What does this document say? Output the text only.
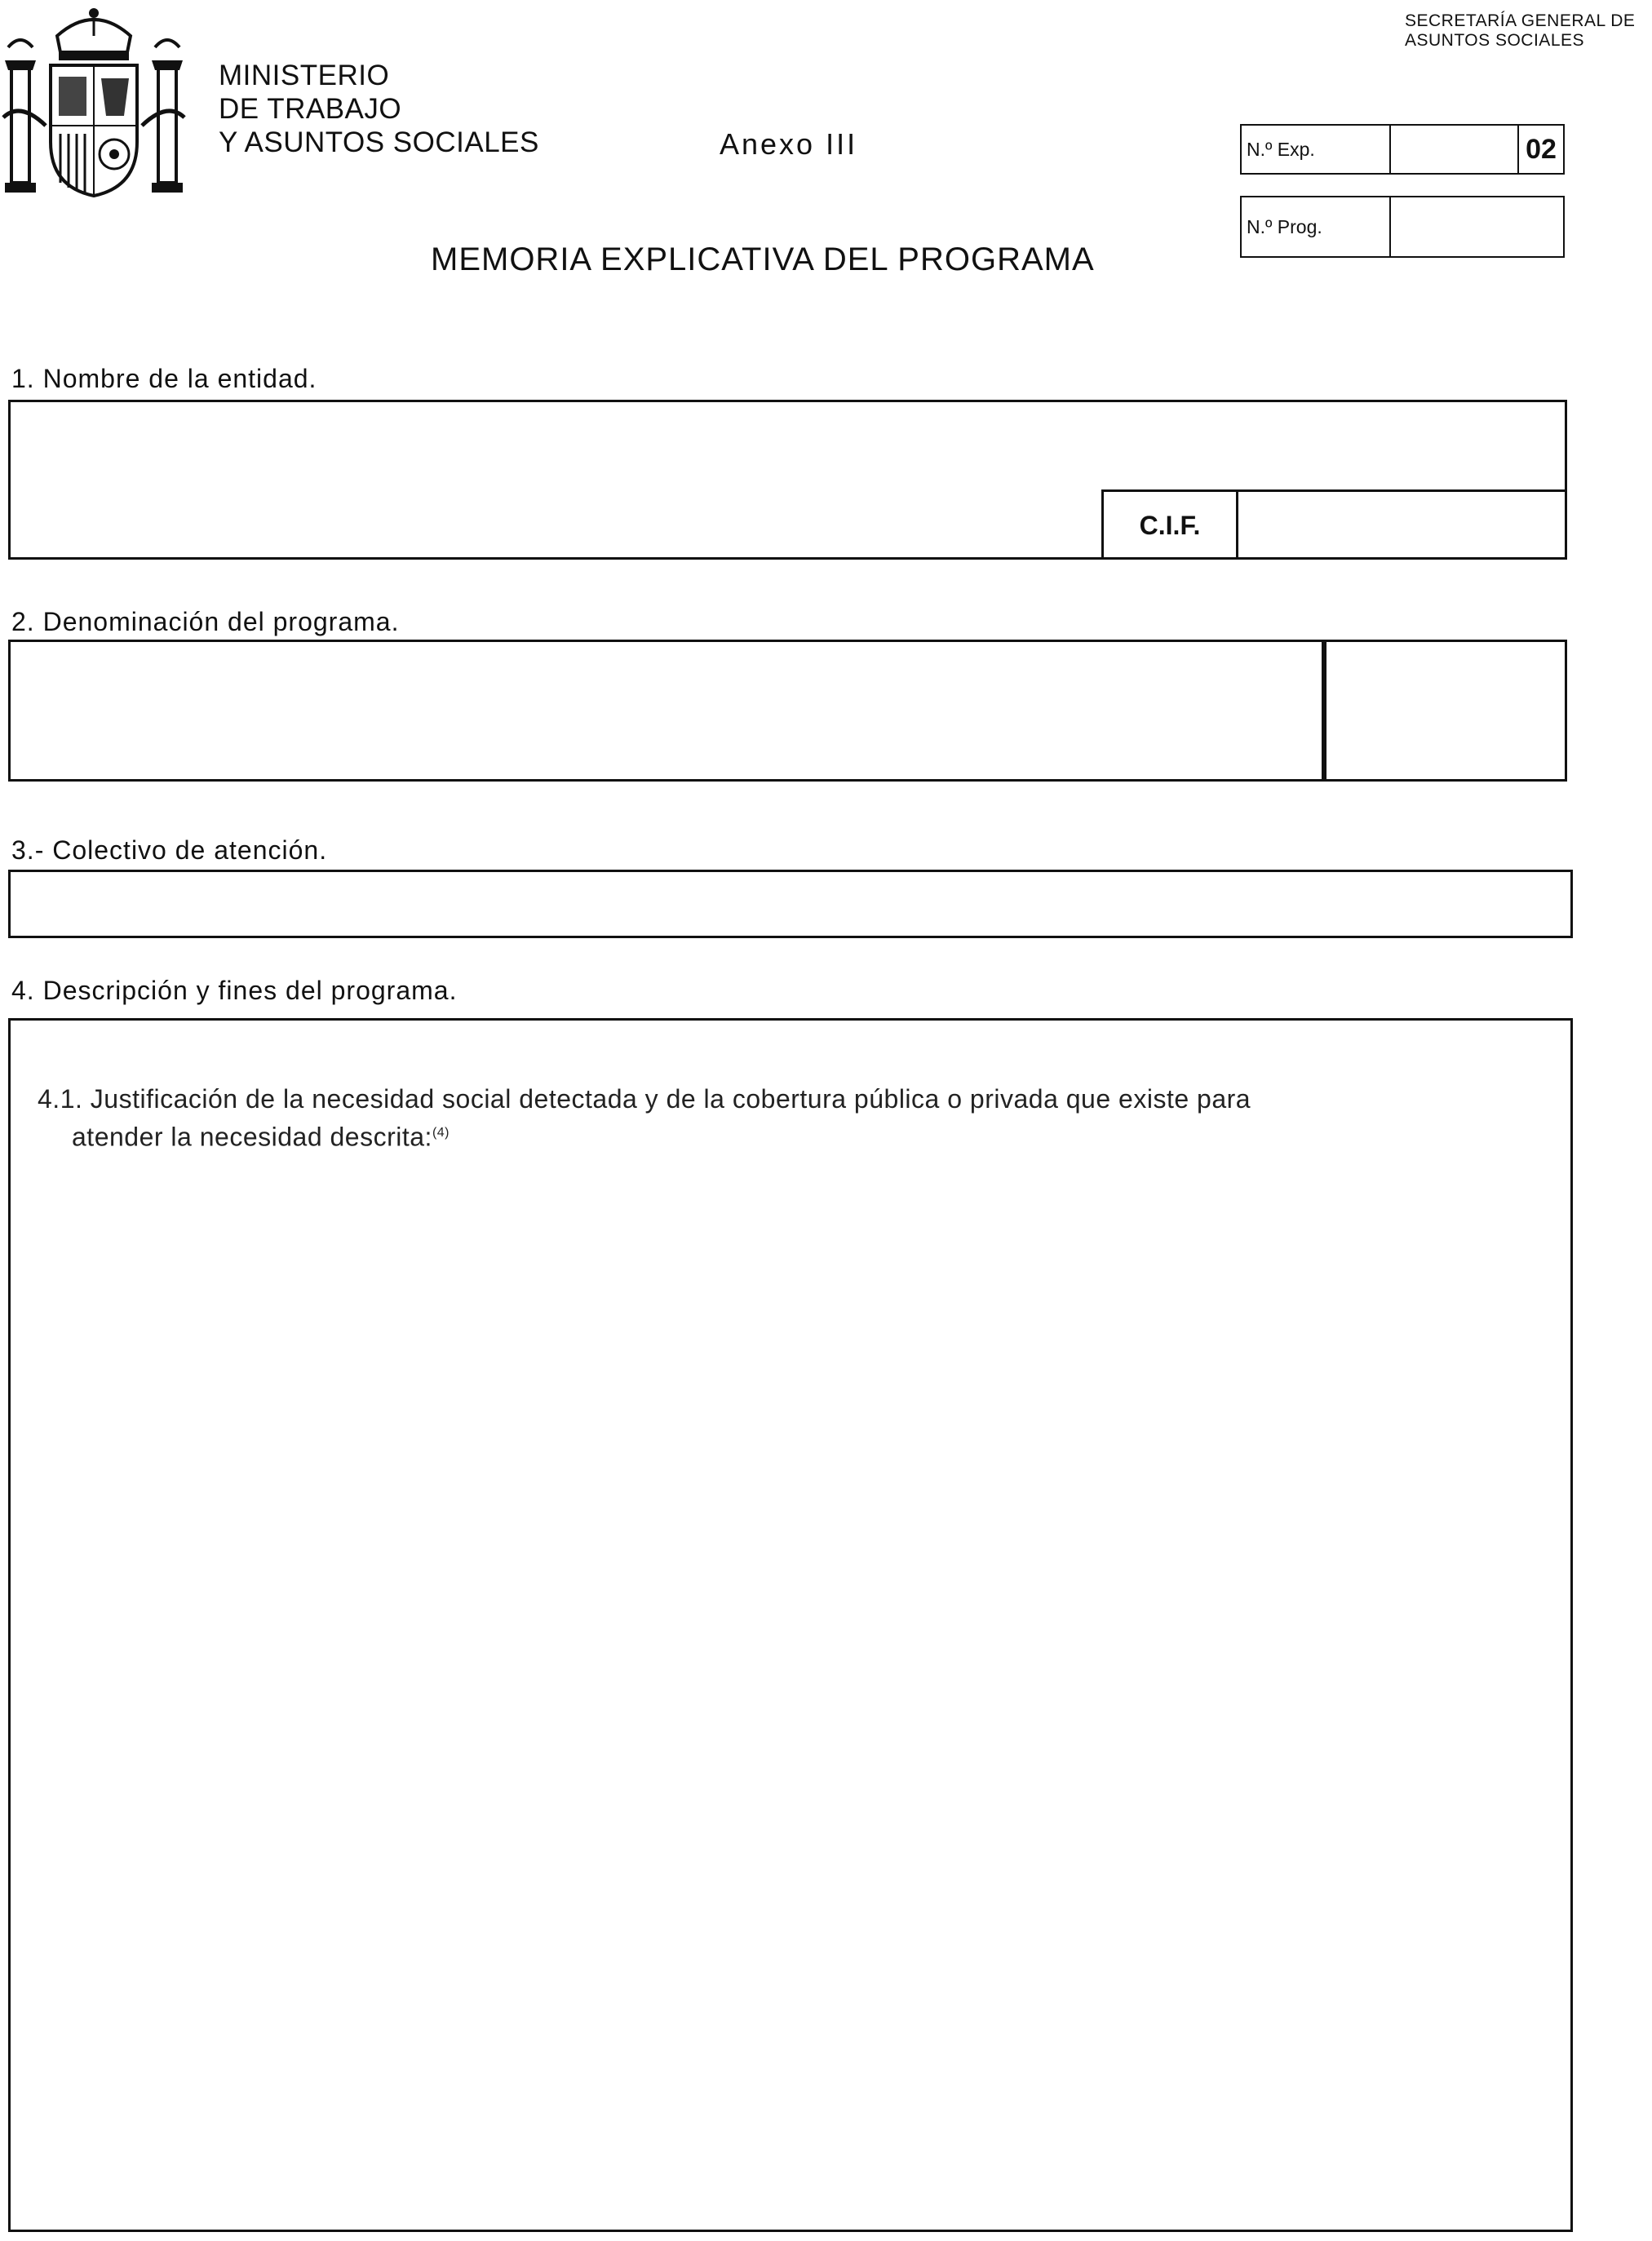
MINISTERIO
DE TRABAJO
Y ASUNTOS SOCIALES
SECRETARÍA GENERAL DE
ASUNTOS SOCIALES
Anexo III
MEMORIA EXPLICATIVA DEL PROGRAMA
N.º Exp.	02
N.º Prog.
1. Nombre de la entidad.
C.I.F.
2. Denominación del programa.
3.- Colectivo de atención.
4. Descripción y fines del programa.
4.1. Justificación de la necesidad social detectada y de la cobertura pública o privada que existe para
atender la necesidad descrita:$^{(4)}$
